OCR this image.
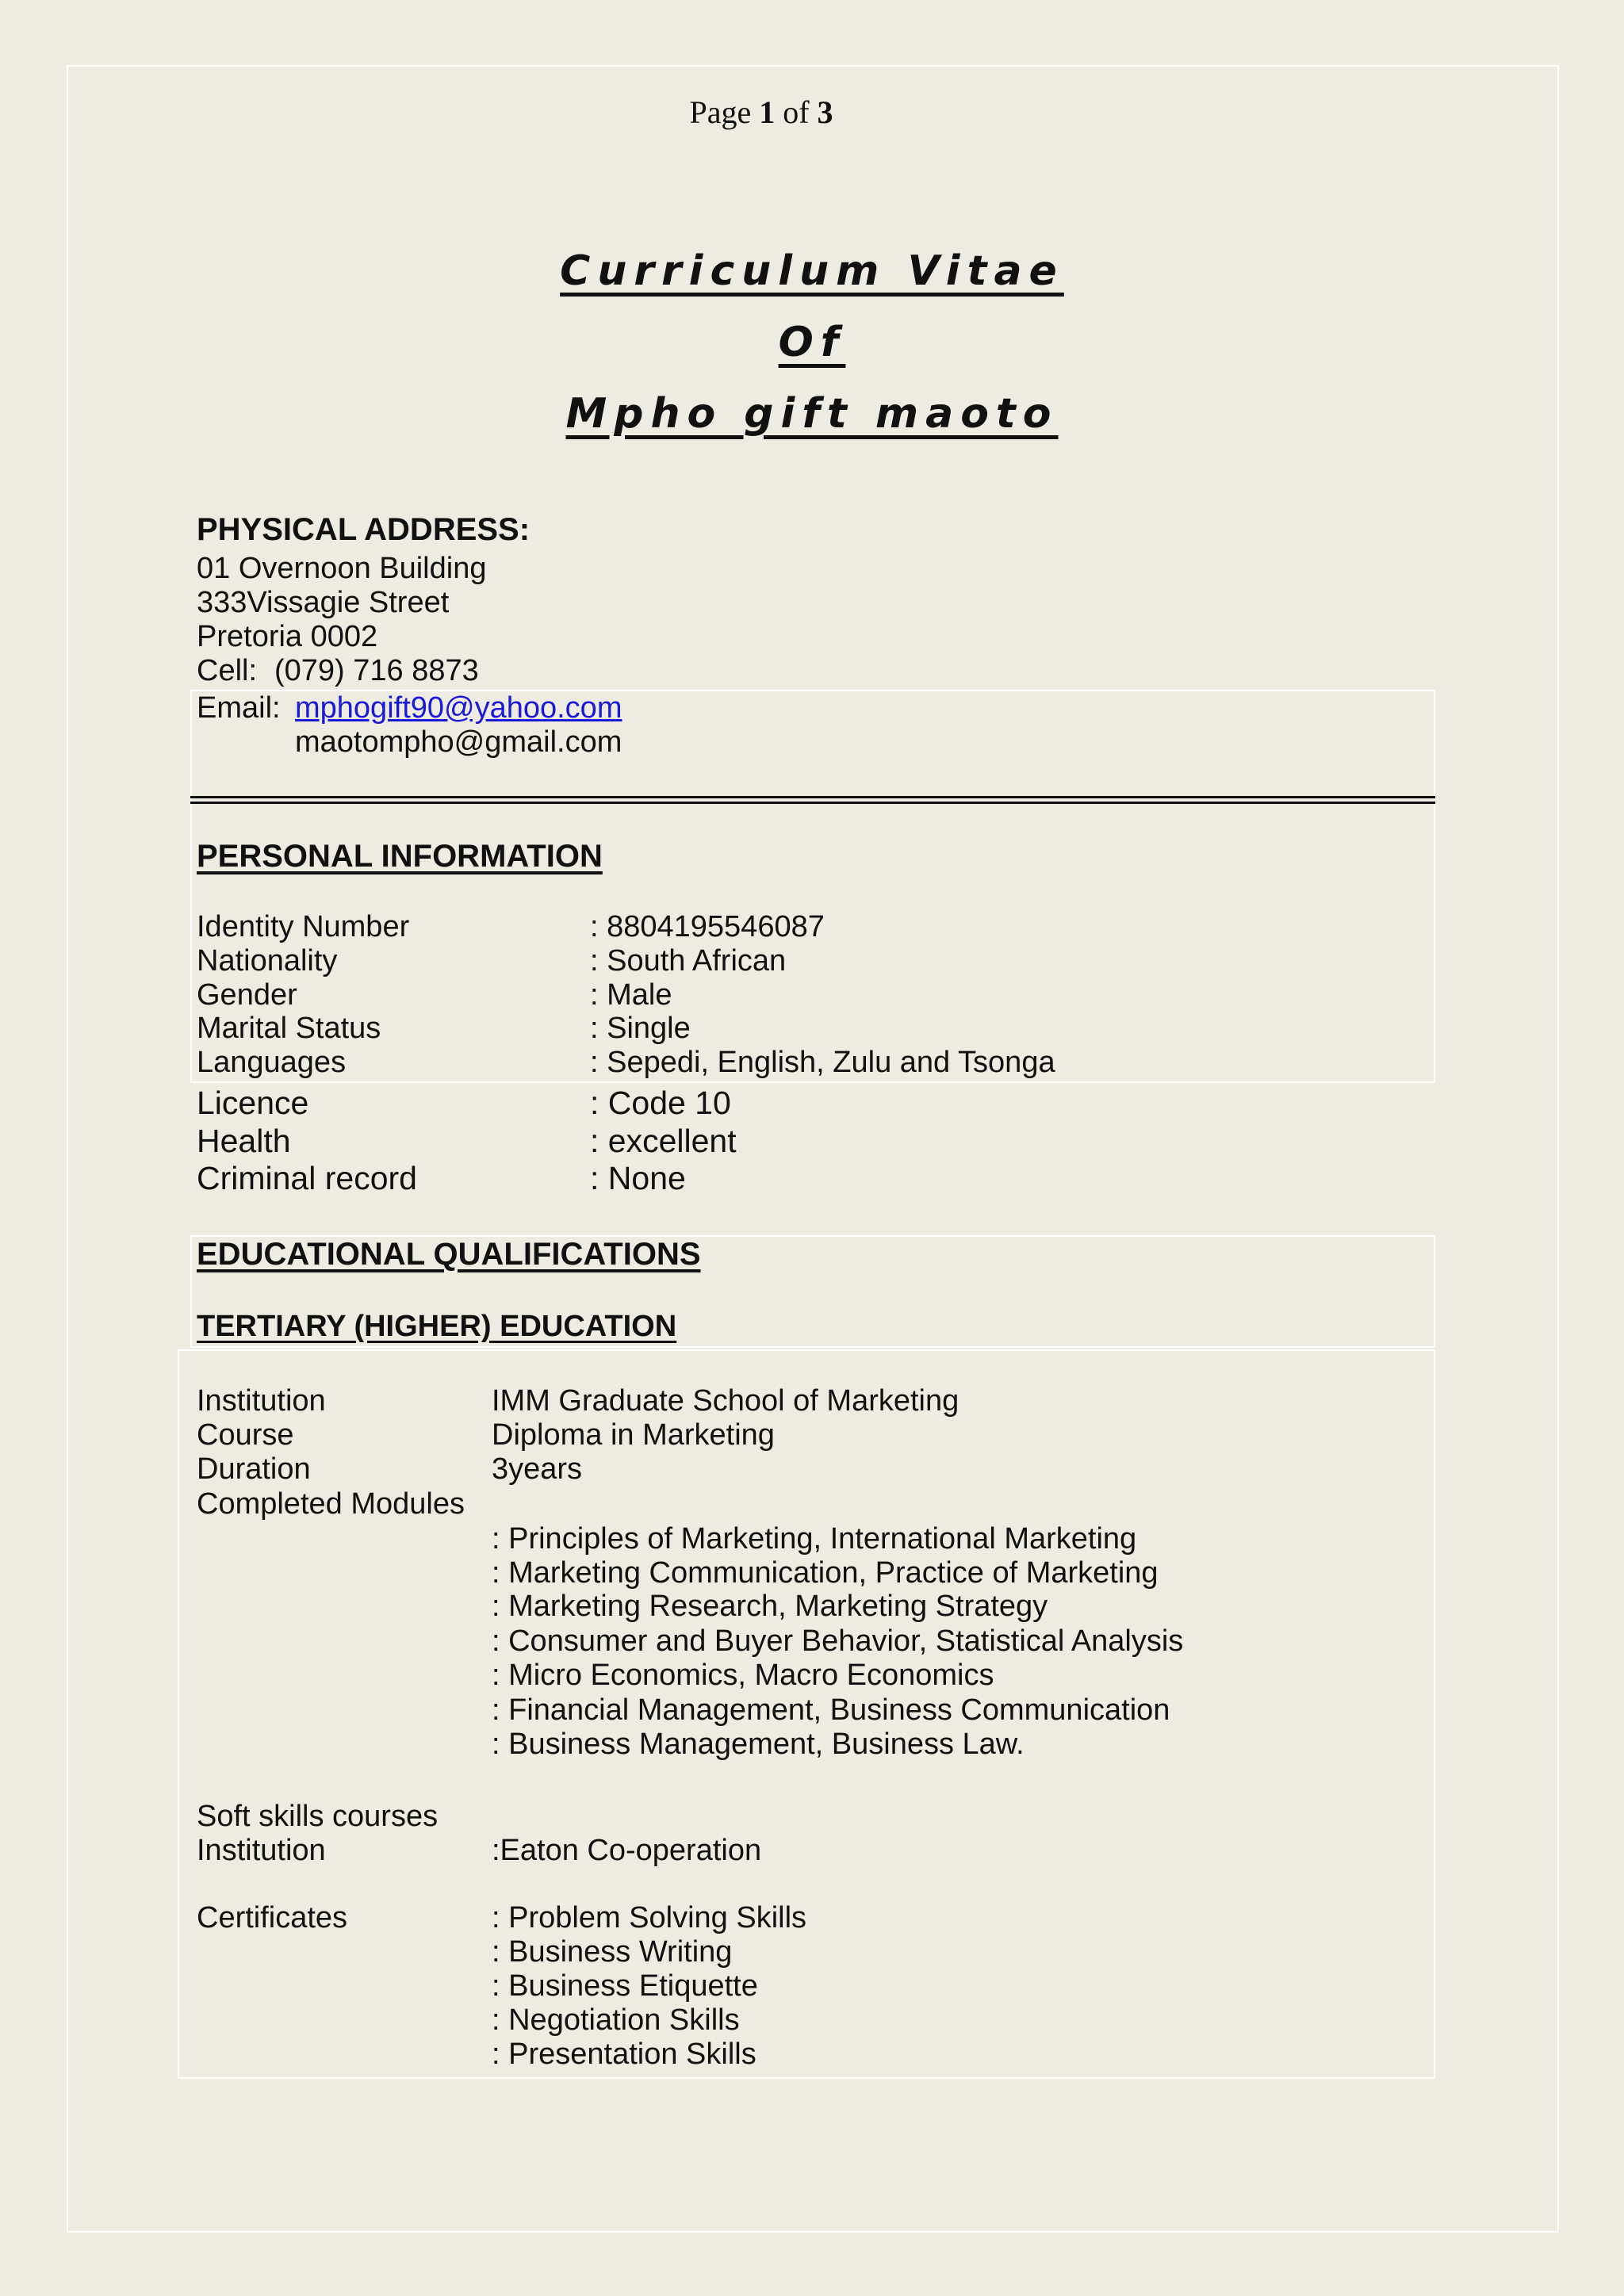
Page 1 of 3
Curriculum Vitae
Of
Mpho gift maoto
PHYSICAL ADDRESS:
01 Overnoon Building
333Vissagie Street
Pretoria 0002
Cell: (079) 716 8873
Email: mphogift90@yahoo.com
maotompho@gmail.com
PERSONAL INFORMATION
Identity Number	: 8804195546087
Nationality	: South African
Gender	: Male
Marital Status	: Single
Languages	: Sepedi, English, Zulu and Tsonga
Licence	: Code 10
Health	: excellent
Criminal record	: None
EDUCATIONAL QUALIFICATIONS
TERTIARY (HIGHER) EDUCATION
Institution	IMM Graduate School of Marketing
Course	Diploma in Marketing
Duration	3years
Completed Modules
: Principles of Marketing, International Marketing
: Marketing Communication, Practice of Marketing
: Marketing Research, Marketing Strategy
: Consumer and Buyer Behavior, Statistical Analysis
: Micro Economics, Macro Economics
: Financial Management, Business Communication
: Business Management, Business Law.
Soft skills courses
Institution	:Eaton Co-operation
Certificates	: Problem Solving Skills
: Business Writing
: Business Etiquette
: Negotiation Skills
: Presentation Skills
